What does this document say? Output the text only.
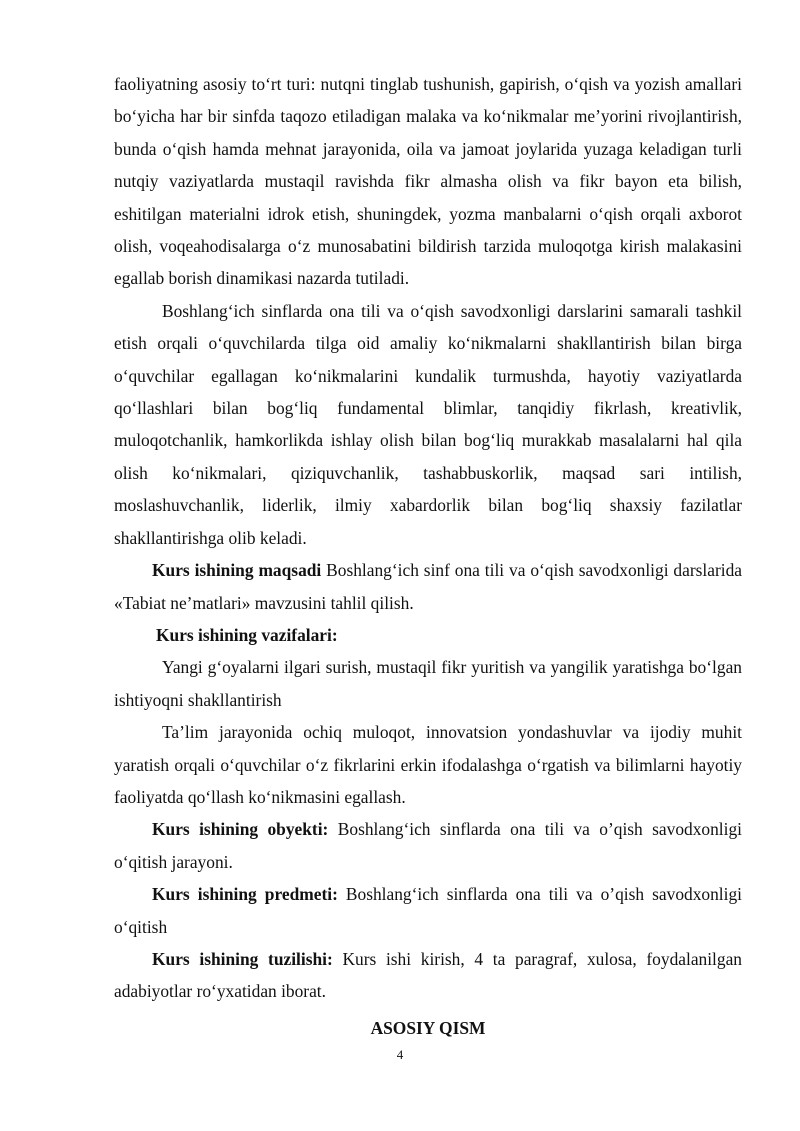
faoliyatning asosiy to‘rt turi: nutqni tinglab tushunish, gapirish, o‘qish va yozish amallari bo‘yicha har bir sinfda taqozo etiladigan malaka va ko‘nikmalar me’yorini rivojlantirish, bunda o‘qish hamda mehnat jarayonida, oila va jamoat joylarida yuzaga keladigan turli nutqiy vaziyatlarda mustaqil ravishda fikr almasha olish va fikr bayon eta bilish, eshitilgan materialni idrok etish, shuningdek, yozma manbalarni o‘qish orqali axborot olish, voqeahodisalarga o‘z munosabatini bildirish tarzida muloqotga kirish malakasini egallab borish dinamikasi nazarda tutiladi.

Boshlang‘ich sinflarda ona tili va o‘qish savodxonligi darslarini samarali tashkil etish orqali o‘quvchilarda tilga oid amaliy ko‘nikmalarni shakllantirish bilan birga o‘quvchilar egallagan ko‘nikmalarini kundalik turmushda, hayotiy vaziyatlarda qo‘llashlari bilan bog‘liq fundamental blimlar, tanqidiy fikrlash, kreativlik, muloqotchanlik, hamkorlikda ishlay olish bilan bog‘liq murakkab masalalarni hal qila olish ko‘nikmalari, qiziquvchanlik, tashabbuskorlik, maqsad sari intilish, moslashuvchanlik, liderlik, ilmiy xabardorlik bilan bog‘liq shaxsiy fazilatlar shakllantirishga olib keladi.

Kurs ishining maqsadi Boshlang‘ich sinf ona tili va o‘qish savodxonligi darslarida «Tabiat ne’matlari» mavzusini tahlil qilish.

Kurs ishining vazifalari:

Yangi g‘oyalarni ilgari surish, mustaqil fikr yuritish va yangilik yaratishga bo‘lgan ishtiyoqni shakllantirish

Ta’lim jarayonida ochiq muloqot, innovatsion yondashuvlar va ijodiy muhit yaratish orqali o‘quvchilar o‘z fikrlarini erkin ifodalashga o‘rgatish va bilimlarni hayotiy faoliyatda qo‘llash ko‘nikmasini egallash.

Kurs ishining obyekti: Boshlang‘ich sinflarda ona tili va o’qish savodxonligi o‘qitish jarayoni.

Kurs ishining predmeti: Boshlang‘ich sinflarda ona tili va o’qish savodxonligi o‘qitish

Kurs ishining tuzilishi: Kurs ishi kirish, 4 ta paragraf, xulosa, foydalanilgan adabiyotlar ro‘yxatidan iborat.

ASOSIY QISM
4
